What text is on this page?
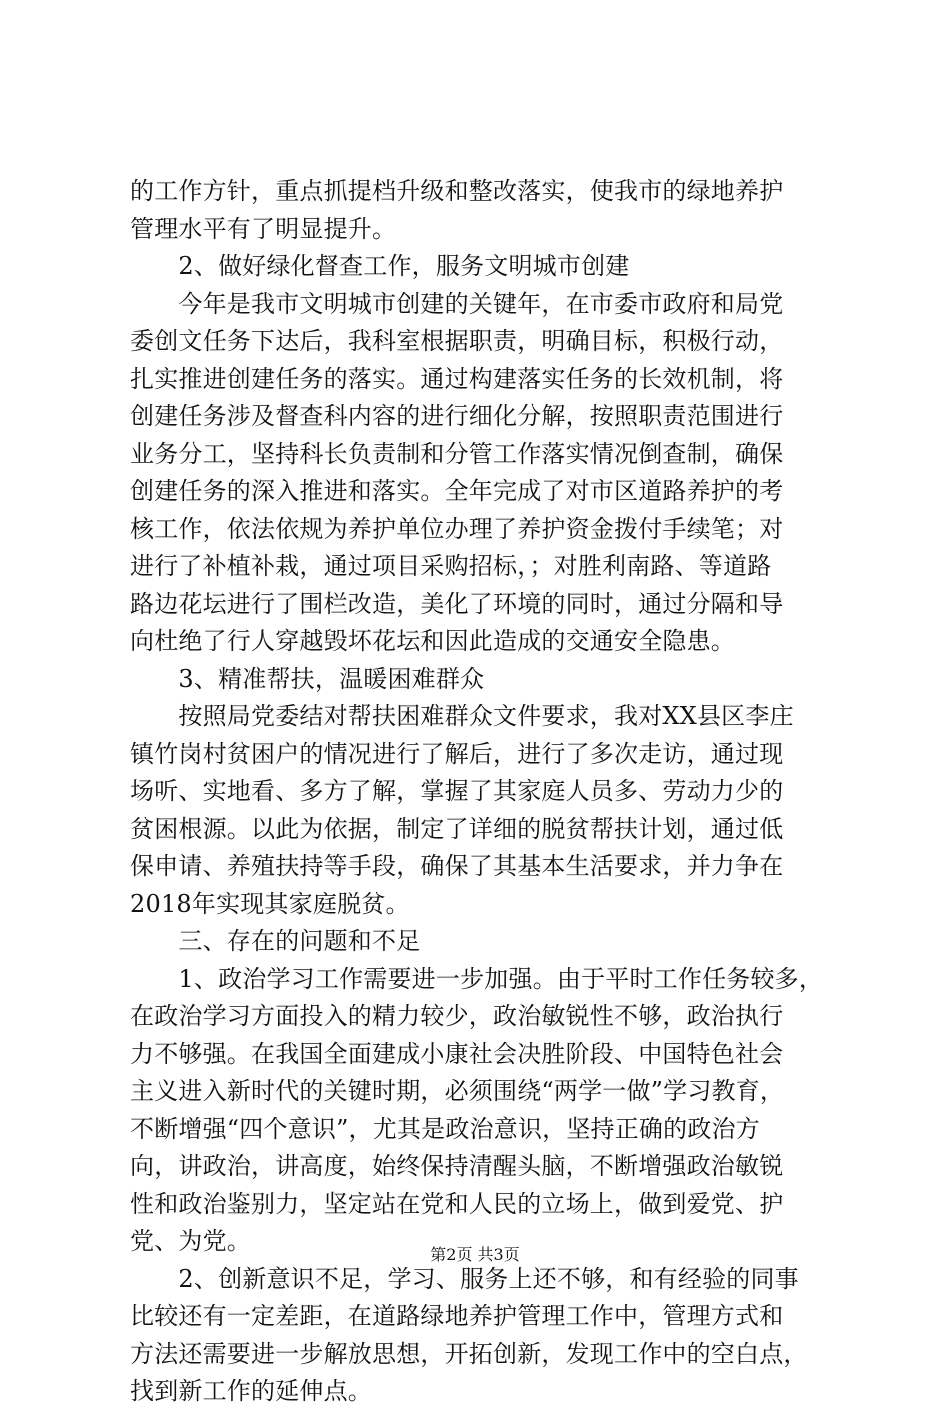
的工作方针，重点抓提档升级和整改落实，使我市的绿地养护
管理水平有了明显提升。
　　2、做好绿化督查工作，服务文明城市创建
　　今年是我市文明城市创建的关键年，在市委市政府和局党
委创文任务下达后，我科室根据职责，明确目标，积极行动，
扎实推进创建任务的落实。通过构建落实任务的长效机制，将
创建任务涉及督查科内容的进行细化分解，按照职责范围进行
业务分工，坚持科长负责制和分管工作落实情况倒查制，确保
创建任务的深入推进和落实。全年完成了对市区道路养护的考
核工作，依法依规为养护单位办理了养护资金拨付手续笔；对
进行了补植补栽，通过项目采购招标，；对胜利南路、等道路
路边花坛进行了围栏改造，美化了环境的同时，通过分隔和导
向杜绝了行人穿越毁坏花坛和因此造成的交通安全隐患。
　　3、精准帮扶，温暖困难群众
　　按照局党委结对帮扶困难群众文件要求，我对XX县区李庄
镇竹岗村贫困户的情况进行了解后，进行了多次走访，通过现
场听、实地看、多方了解，掌握了其家庭人员多、劳动力少的
贫困根源。以此为依据，制定了详细的脱贫帮扶计划，通过低
保申请、养殖扶持等手段，确保了其基本生活要求，并力争在
2018年实现其家庭脱贫。
　　三、存在的问题和不足
　　1、政治学习工作需要进一步加强。由于平时工作任务较多，
在政治学习方面投入的精力较少，政治敏锐性不够，政治执行
力不够强。在我国全面建成小康社会决胜阶段、中国特色社会
主义进入新时代的关键时期，必须围绕“两学一做”学习教育，
不断增强“四个意识”，尤其是政治意识，坚持正确的政治方
向，讲政治，讲高度，始终保持清醒头脑，不断增强政治敏锐
性和政治鉴别力，坚定站在党和人民的立场上，做到爱党、护
党、为党。
　　2、创新意识不足，学习、服务上还不够，和有经验的同事
比较还有一定差距，在道路绿地养护管理工作中，管理方式和
方法还需要进一步解放思想，开拓创新，发现工作中的空白点，
找到新工作的延伸点。
第2页 共3页
